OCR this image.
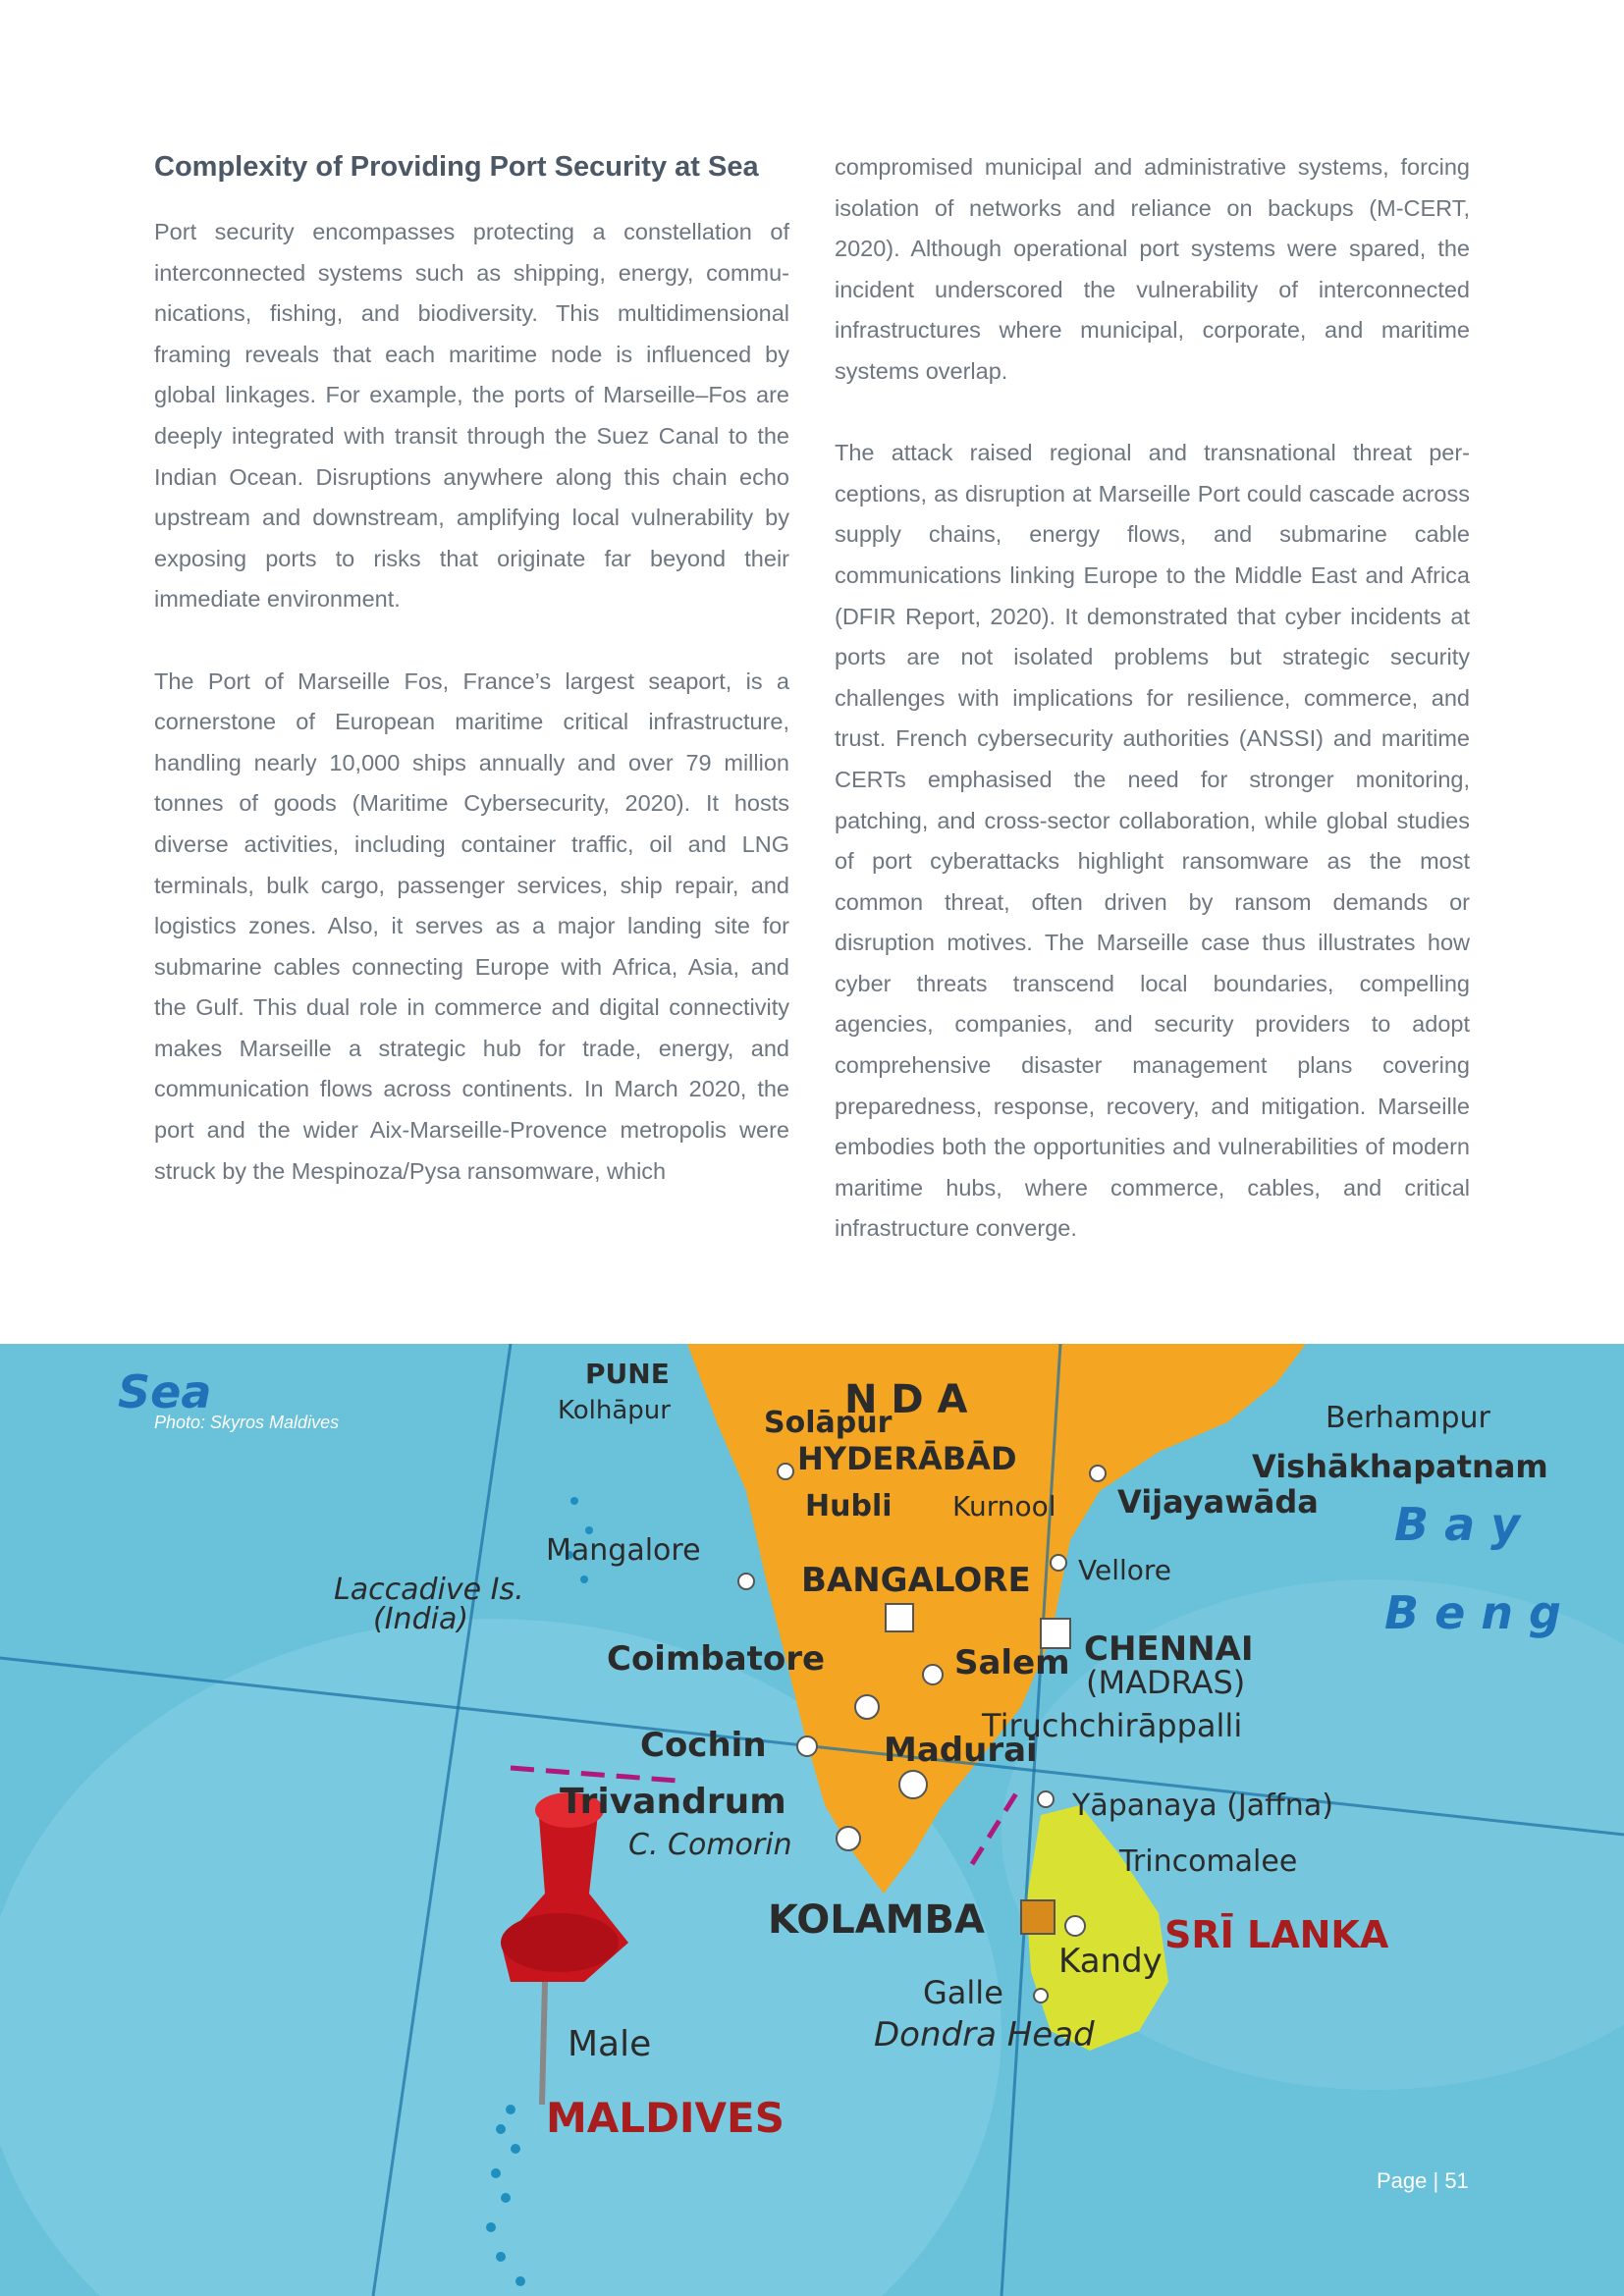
Complexity of Providing Port Security at Sea

Port security encompasses protecting a constellation of interconnected systems such as shipping, energy, communications, fishing, and biodiversity. This multidimensional framing reveals that each maritime node is influenced by global linkages. For example, the ports of Marseille–Fos are deeply integrated with transit through the Suez Canal to the Indian Ocean. Disruptions anywhere along this chain echo upstream and downstream, amplifying local vulnerability by exposing ports to risks that originate far beyond their immediate environment.

The Port of Marseille Fos, France’s largest seaport, is a cornerstone of European maritime critical infrastructure, handling nearly 10,000 ships annually and over 79 million tonnes of goods (Maritime Cybersecurity, 2020). It hosts diverse activities, including container traffic, oil and LNG terminals, bulk cargo, passenger services, ship repair, and logistics zones. Also, it serves as a major landing site for submarine cables connecting Europe with Africa, Asia, and the Gulf. This dual role in commerce and digital connectivity makes Marseille a strategic hub for trade, energy, and communication flows across continents. In March 2020, the port and the wider Aix-Marseille-Provence metropolis were struck by the Mespinoza/Pysa ransomware, which

compromised municipal and administrative systems, forcing isolation of networks and reliance on backups (M-CERT, 2020). Although operational port systems were spared, the incident underscored the vulnerability of interconnected infrastructures where municipal, corporate, and maritime systems overlap.

The attack raised regional and transnational threat perceptions, as disruption at Marseille Port could cascade across supply chains, energy flows, and submarine cable communications linking Europe to the Middle East and Africa (DFIR Report, 2020). It demonstrated that cyber incidents at ports are not isolated problems but strategic security challenges with implications for resilience, commerce, and trust. French cybersecurity authorities (ANSSI) and maritime CERTs emphasised the need for stronger monitoring, patching, and cross-sector collaboration, while global studies of port cyberattacks highlight ransomware as the most common threat, often driven by ransom demands or disruption motives. The Marseille case thus illustrates how cyber threats transcend local boundaries, compelling agencies, companies, and security providers to adopt comprehensive disaster management plans covering preparedness, response, recovery, and mitigation. Marseille embodies both the opportunities and vulnerabilities of modern maritime hubs, where commerce, cables, and critical infrastructure converge.

Sea	N D A
PUNE
Kolhāpur	Solāpur
HYDERĀBĀD
Berhampur
Vishākhapatnam
Hubli Kurnool Vijayawāda B a y
B e n g
Mangalore
BANGALORE Vellore
Laccadive Is.
(India)
Coimbatore	Salem CHENNAI
(MADRAS)
Cochin	Madurai
Tiruchchirāppalli
Trivandrum	Yāpanaya (Jaffna)
C. Comorin	Trincomalee
KOLAMBA	SRĪ LANKA
Kandy
Galle
Dondra Head
Male
MALDIVES
Photo: Skyros Maldives
Page | 51
